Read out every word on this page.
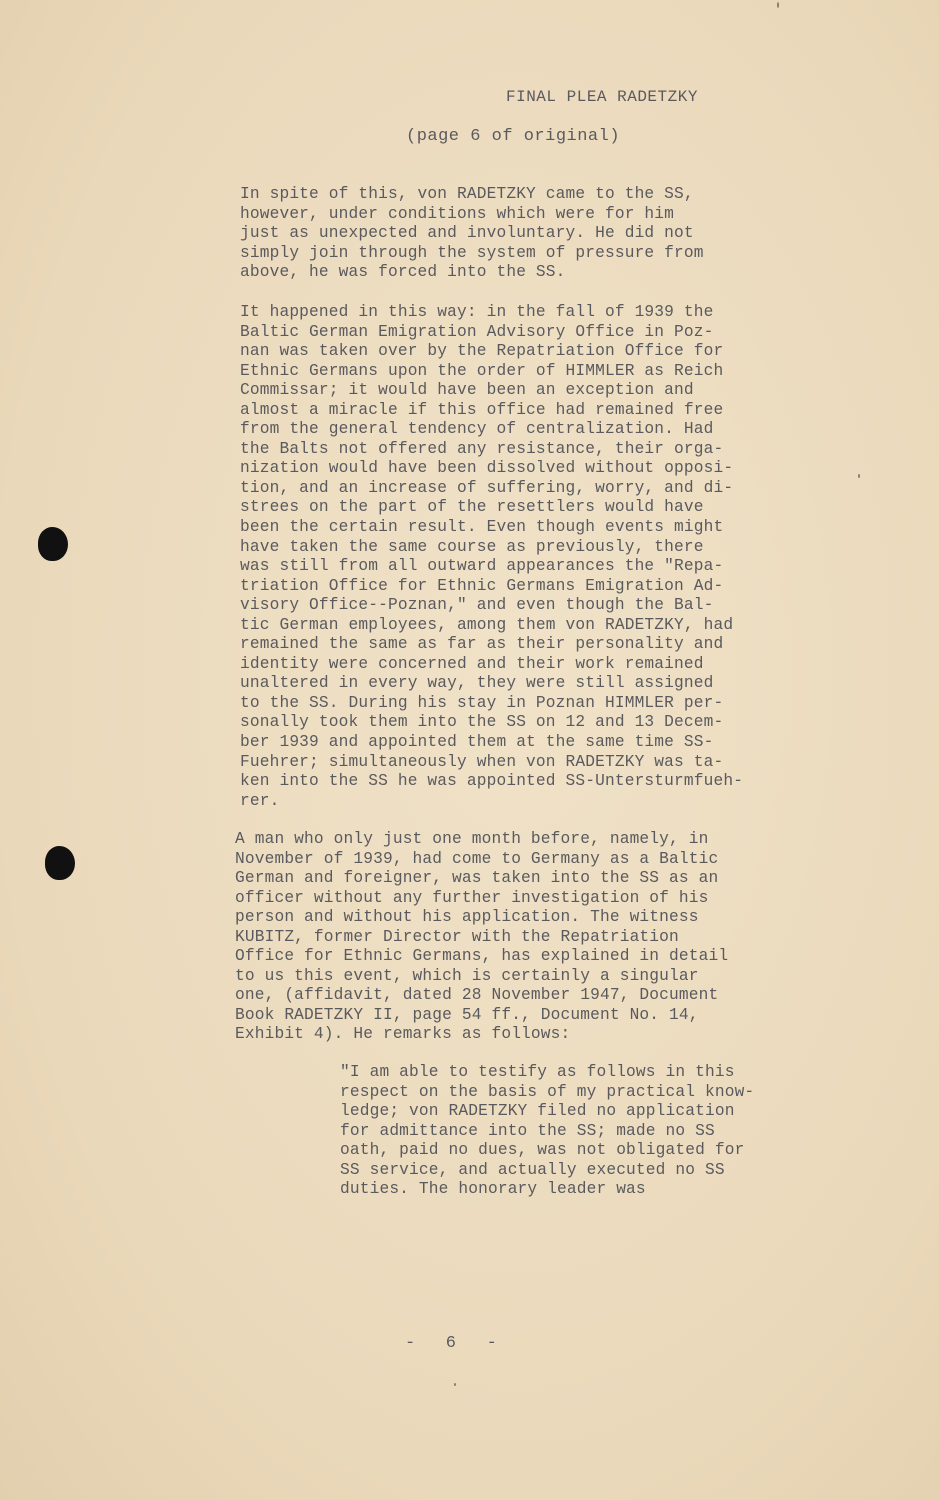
FINAL PLEA RADETZKY
(page 6 of original)
In spite of this, von RADETZKY came to the SS,
however, under conditions which were for him
just as unexpected and involuntary. He did not
simply join through the system of pressure from
above, he was forced into the SS.
It happened in this way: in the fall of 1939 the
Baltic German Emigration Advisory Office in Poz-
nan was taken over by the Repatriation Office for
Ethnic Germans upon the order of HIMMLER as Reich
Commissar; it would have been an exception and
almost a miracle if this office had remained free
from the general tendency of centralization. Had
the Balts not offered any resistance, their orga-
nization would have been dissolved without opposi-
tion, and an increase of suffering, worry, and di-
strees on the part of the resettlers would have
been the certain result. Even though events might
have taken the same course as previously, there
was still from all outward appearances the "Repa-
triation Office for Ethnic Germans Emigration Ad-
visory Office--Poznan," and even though the Bal-
tic German employees, among them von RADETZKY, had
remained the same as far as their personality and
identity were concerned and their work remained
unaltered in every way, they were still assigned
to the SS. During his stay in Poznan HIMMLER per-
sonally took them into the SS on 12 and 13 Decem-
ber 1939 and appointed them at the same time SS-
Fuehrer; simultaneously when von RADETZKY was ta-
ken into the SS he was appointed SS-Untersturmfueh-
rer.
A man who only just one month before, namely, in
November of 1939, had come to Germany as a Baltic
German and foreigner, was taken into the SS as an
officer without any further investigation of his
person and without his application. The witness
KUBITZ, former Director with the Repatriation
Office for Ethnic Germans, has explained in detail
to us this event, which is certainly a singular
one, (affidavit, dated 28 November 1947, Document
Book RADETZKY II, page 54 ff., Document No. 14,
Exhibit 4). He remarks as follows:
"I am able to testify as follows in this
respect on the basis of my practical know-
ledge; von RADETZKY filed no application
for admittance into the SS; made no SS
oath, paid no dues, was not obligated for
SS service, and actually executed no SS
duties. The honorary leader was
-   6   -
